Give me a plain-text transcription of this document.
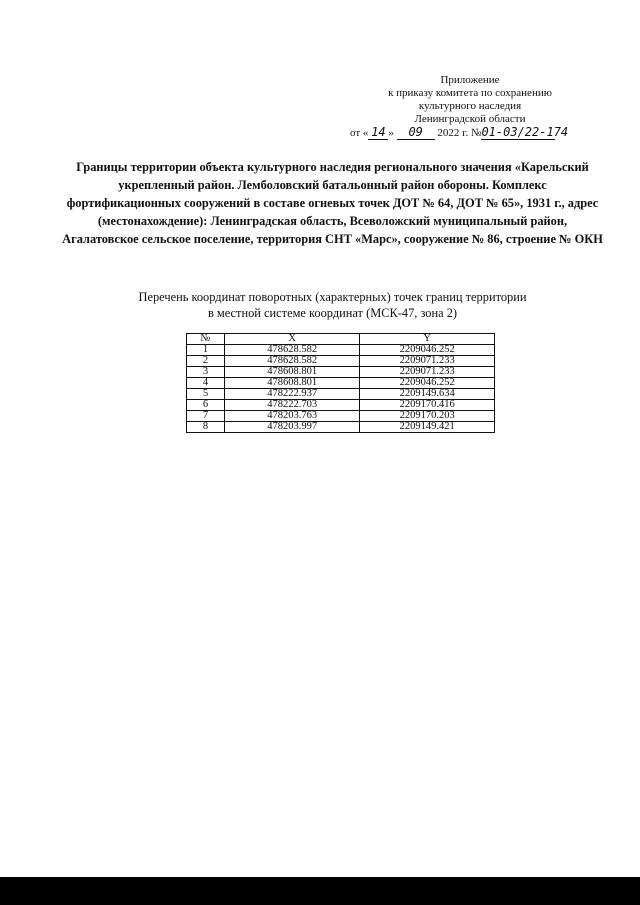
Приложение
к приказу комитета по сохранению
культурного наследия
Ленинградской области
от « 14 » 09 2022 г. №01-03/22-174
Границы территории объекта культурного наследия регионального значения «Карельский укрепленный район. Лемболовский батальонный район обороны. Комплекс фортификационных сооружений в составе огневых точек ДОТ № 64, ДОТ № 65», 1931 г., адрес (местонахождение): Ленинградская область, Всеволожский муниципальный район, Агалатовское сельское поселение, территория СНТ «Марс», сооружение № 86, строение № ОКН
Перечень координат поворотных (характерных) точек границ территории
в местной системе координат (МСК-47, зона 2)
№	X	Y
1	478628.582	2209046.252
2	478628.582	2209071.233
3	478608.801	2209071.233
4	478608.801	2209046.252
5	478222.937	2209149.634
6	478222.703	2209170.416
7	478203.763	2209170.203
8	478203.997	2209149.421
